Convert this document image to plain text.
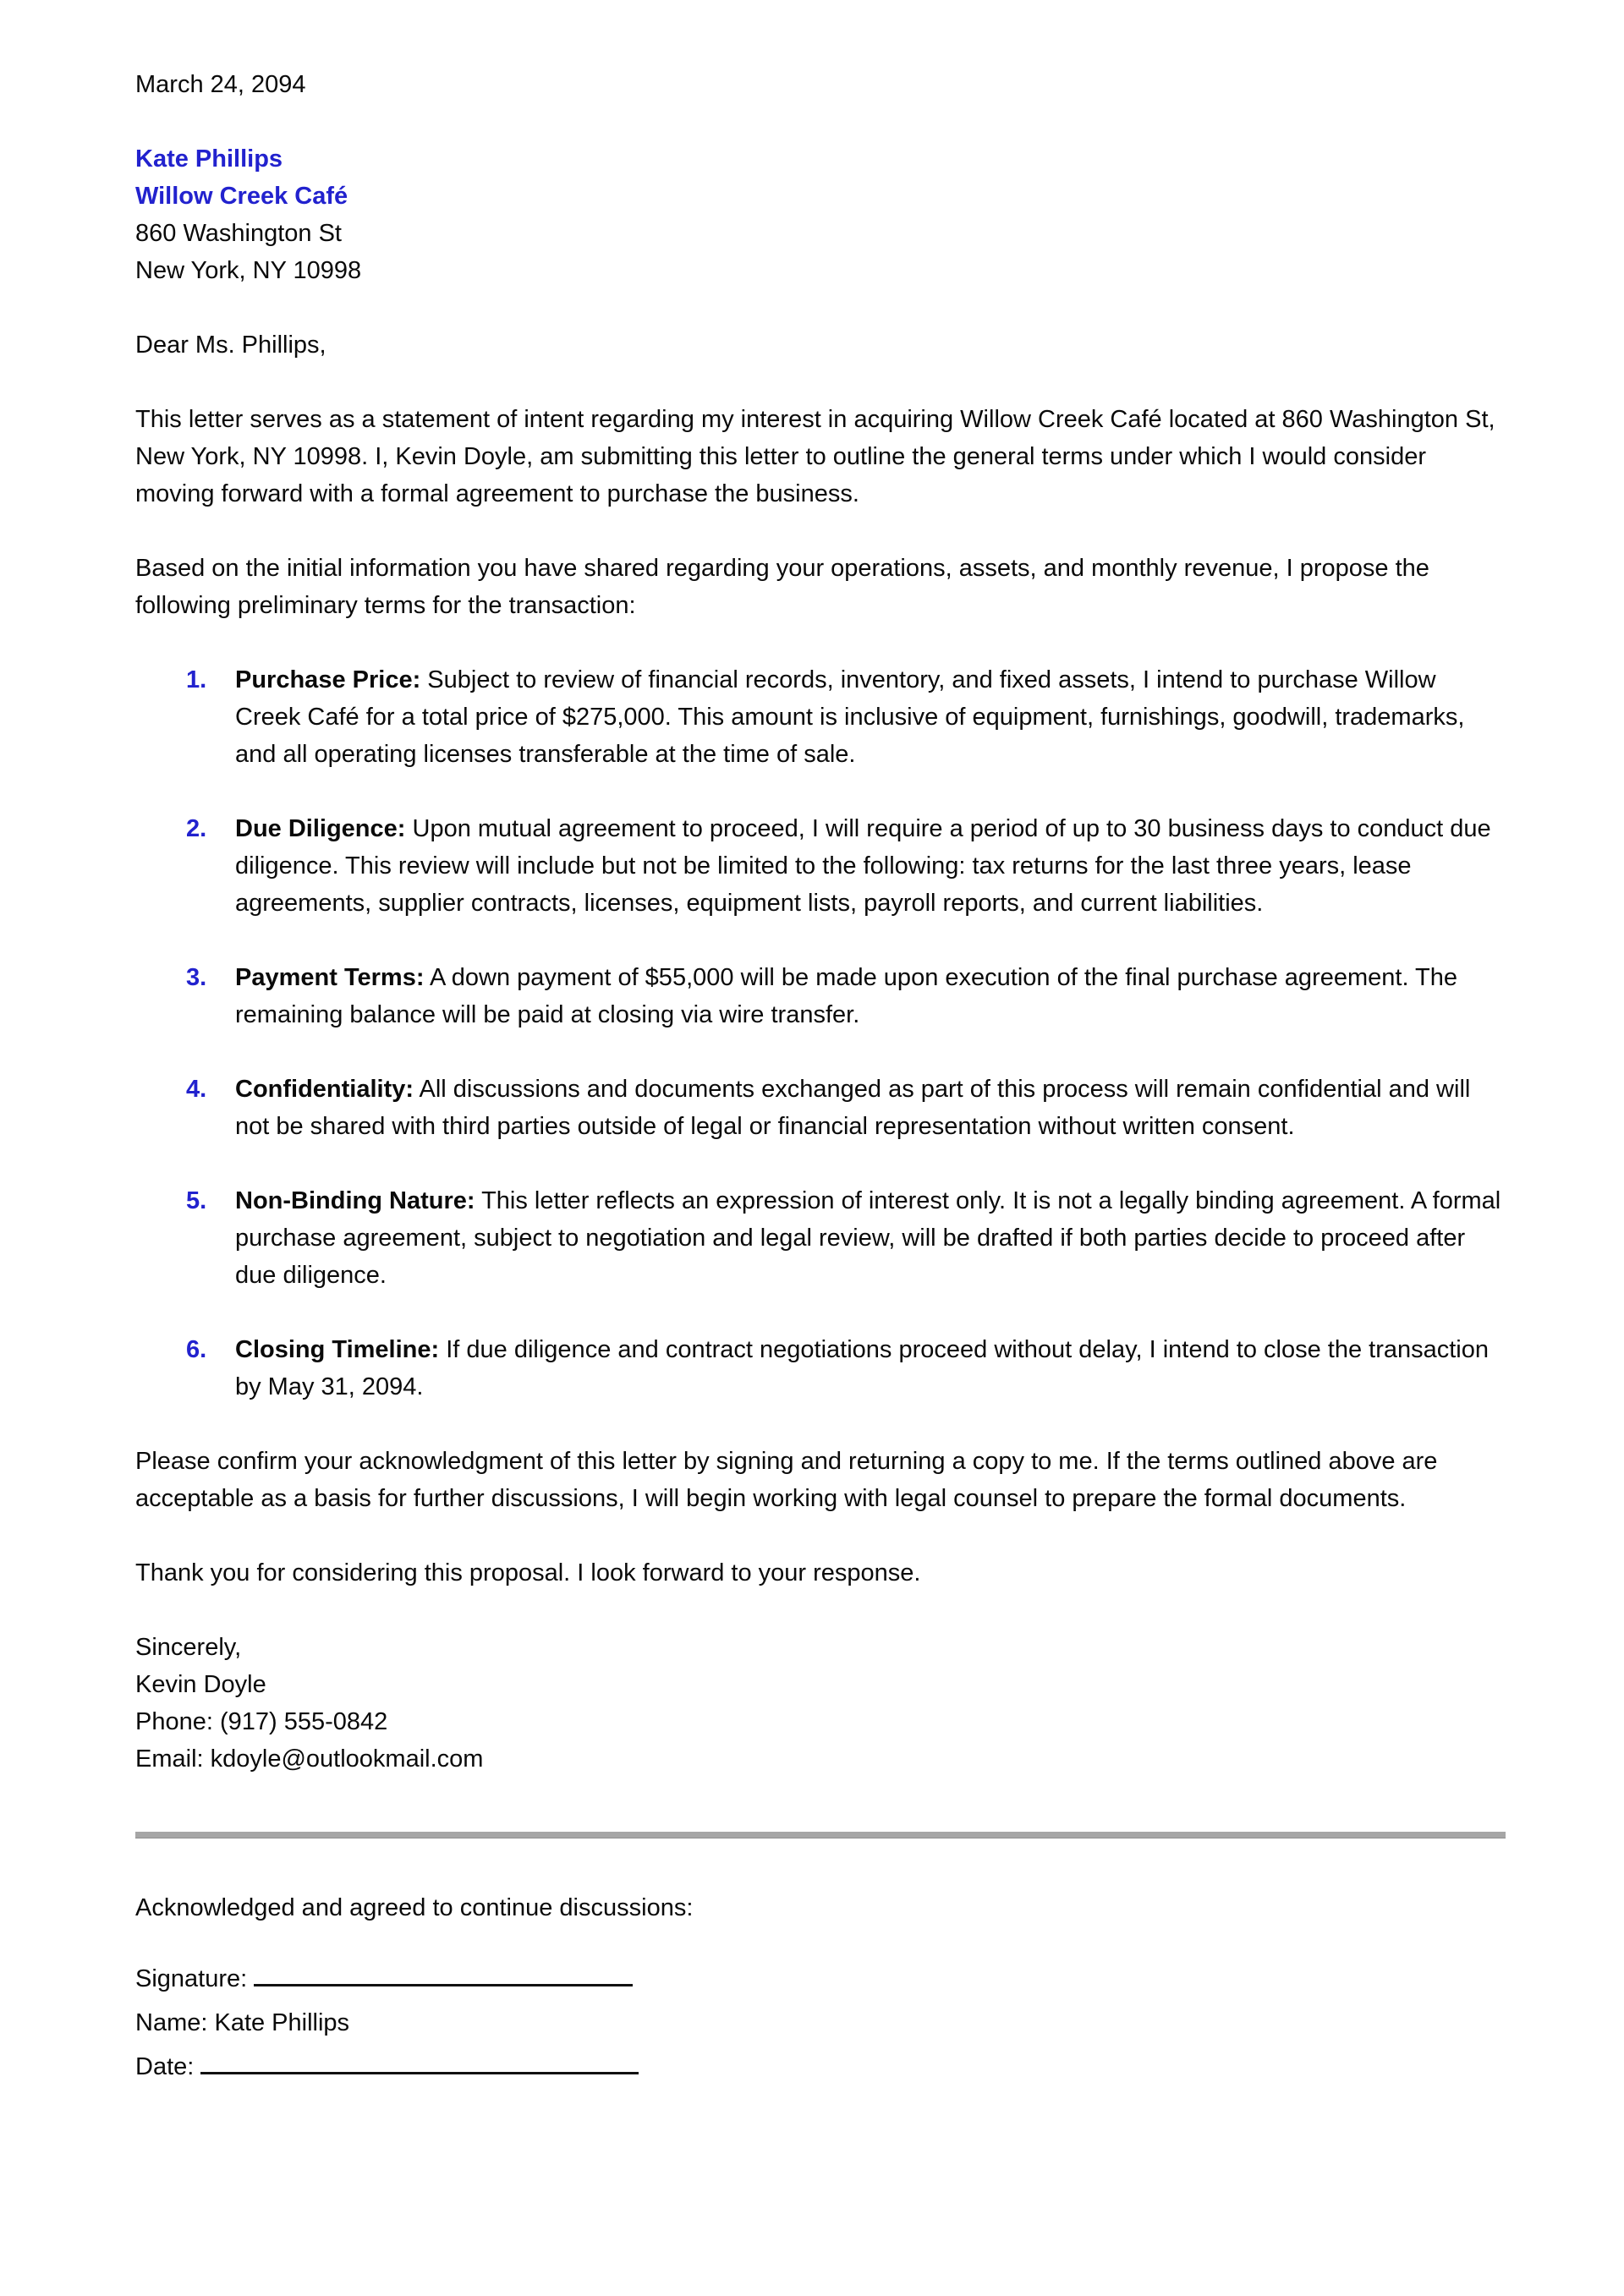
March 24, 2094

Kate Phillips

Willow Creek Café

860 Washington St

New York, NY 10998

Dear Ms. Phillips,

This letter serves as a statement of intent regarding my interest in acquiring Willow Creek Café located at 860 Washington St, New York, NY 10998. I, Kevin Doyle, am submitting this letter to outline the general terms under which I would consider moving forward with a formal agreement to purchase the business.

Based on the initial information you have shared regarding your operations, assets, and monthly revenue, I propose the following preliminary terms for the transaction:

1.	Purchase Price: Subject to review of financial records, inventory, and fixed assets, I intend to purchase Willow Creek Café for a total price of $275,000. This amount is inclusive of equipment, furnishings, goodwill, trademarks, and all operating licenses transferable at the time of sale.
2.	Due Diligence: Upon mutual agreement to proceed, I will require a period of up to 30 business days to conduct due diligence. This review will include but not be limited to the following: tax returns for the last three years, lease agreements, supplier contracts, licenses, equipment lists, payroll reports, and current liabilities.
3.	Payment Terms: A down payment of $55,000 will be made upon execution of the final purchase agreement. The remaining balance will be paid at closing via wire transfer.
4.	Confidentiality: All discussions and documents exchanged as part of this process will remain confidential and will not be shared with third parties outside of legal or financial representation without written consent.
5.	Non-Binding Nature: This letter reflects an expression of interest only. It is not a legally binding agreement. A formal purchase agreement, subject to negotiation and legal review, will be drafted if both parties decide to proceed after due diligence.
6.	Closing Timeline: If due diligence and contract negotiations proceed without delay, I intend to close the transaction by May 31, 2094.

Please confirm your acknowledgment of this letter by signing and returning a copy to me. If the terms outlined above are acceptable as a basis for further discussions, I will begin working with legal counsel to prepare the formal documents.

Thank you for considering this proposal. I look forward to your response.

Sincerely,

Kevin Doyle

Phone: (917) 555-0842

Email: kdoyle@outlookmail.com

Acknowledged and agreed to continue discussions:

Signature:

Name: Kate Phillips

Date:
